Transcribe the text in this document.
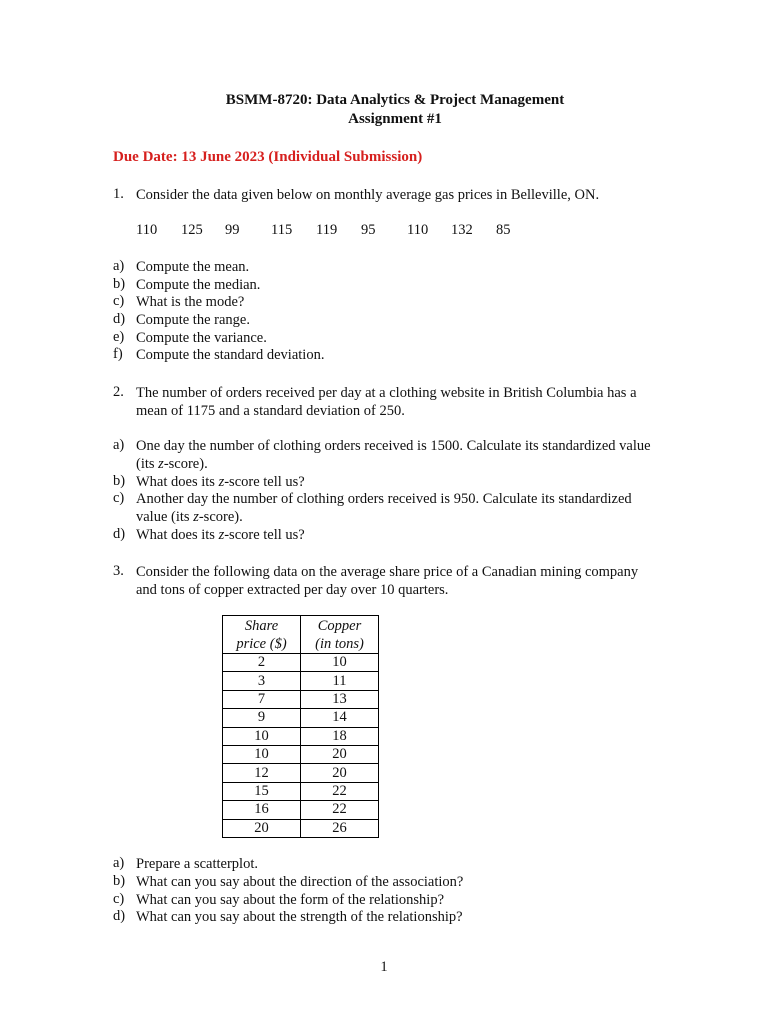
BSMM-8720: Data Analytics & Project Management
Assignment #1
Due Date: 13 June 2023 (Individual Submission)
1. Consider the data given below on monthly average gas prices in Belleville, ON.
110 125 99 115 119 95 110 132 85
a) Compute the mean.
b) Compute the median.
c) What is the mode?
d) Compute the range.
e) Compute the variance.
f) Compute the standard deviation.
2. The number of orders received per day at a clothing website in British Columbia has a
mean of 1175 and a standard deviation of 250.
a) One day the number of clothing orders received is 1500. Calculate its standardized value
(its z-score).
b) What does its z-score tell us?
c) Another day the number of clothing orders received is 950. Calculate its standardized
value (its z-score).
d) What does its z-score tell us?
3. Consider the following data on the average share price of a Canadian mining company
and tons of copper extracted per day over 10 quarters.
Share
price ($)	Copper
(in tons)
2	10
3	11
7	13
9	14
10	18
10	20
12	20
15	22
16	22
20	26
a) Prepare a scatterplot.
b) What can you say about the direction of the association?
c) What can you say about the form of the relationship?
d) What can you say about the strength of the relationship?
1
